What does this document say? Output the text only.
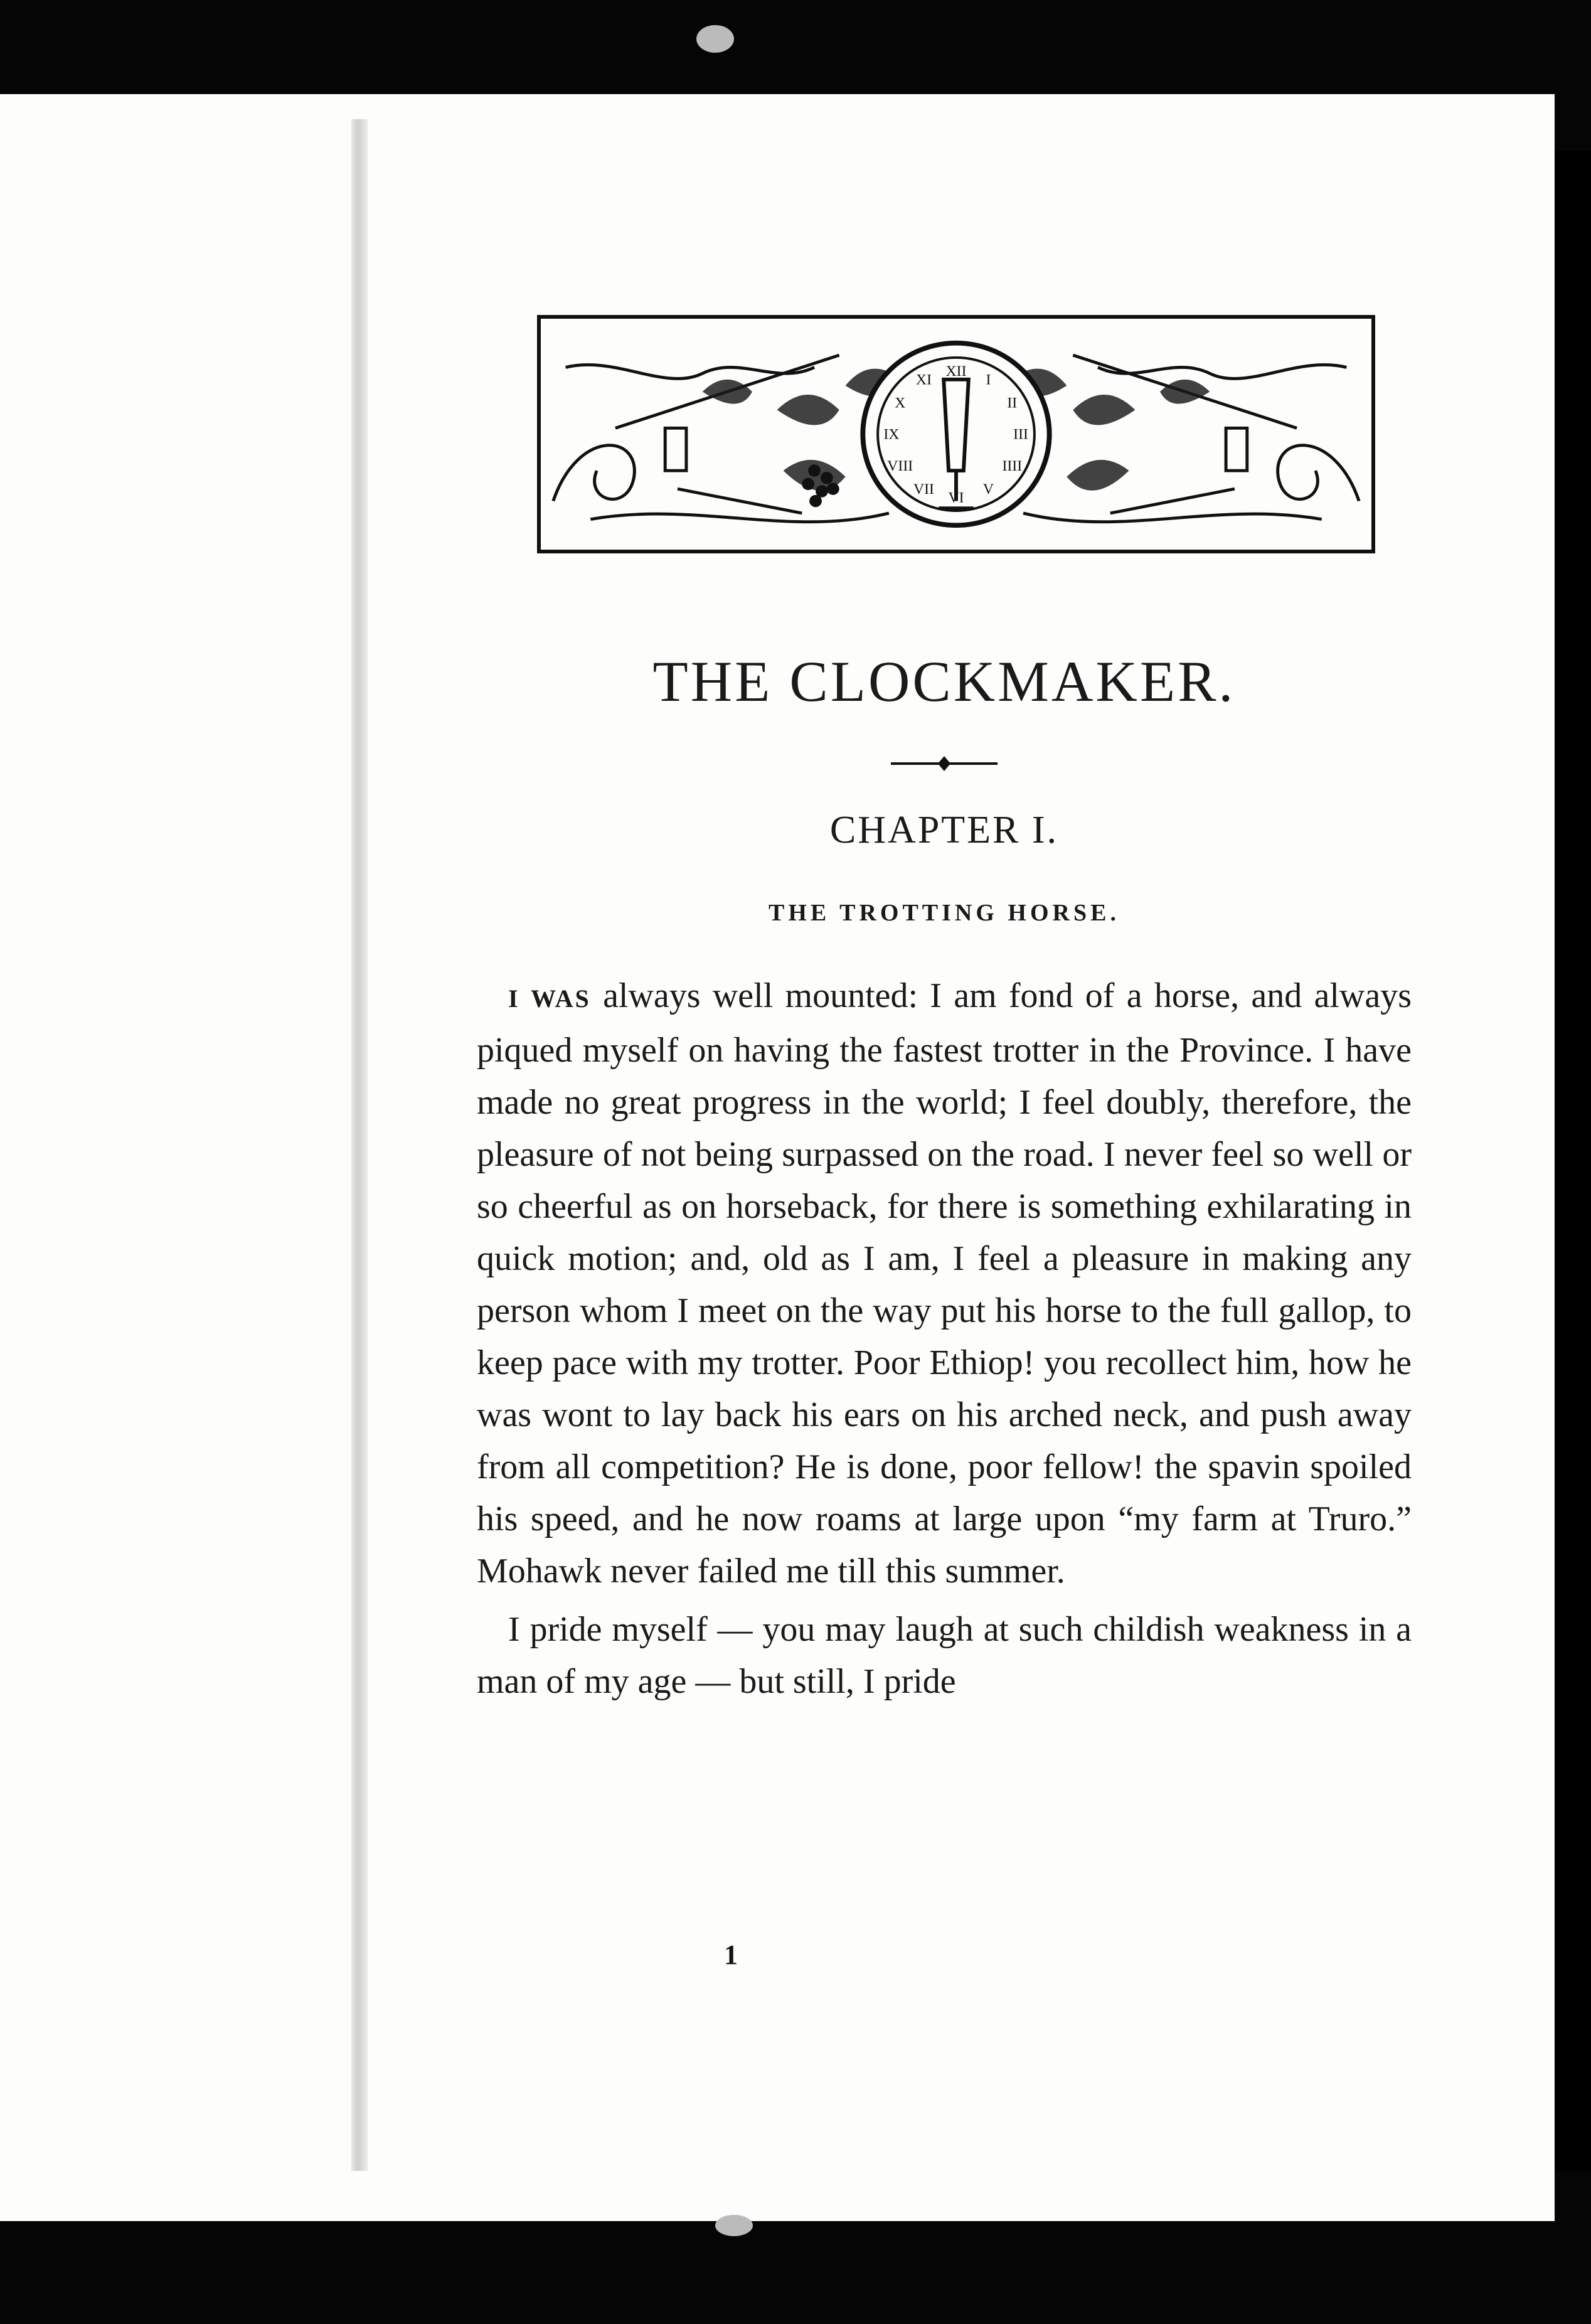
XII
I
II
III
IIII
V
VI
VII
VIII
IX
X
XI
THE CLOCKMAKER.
CHAPTER I.
THE TROTTING HORSE.

I WAS always well mounted: I am fond of a horse, and always piqued myself on having the fastest trotter in the Province. I have made no great progress in the world; I feel doubly, therefore, the pleasure of not being surpassed on the road. I never feel so well or so cheerful as on horseback, for there is something exhilarating in quick motion; and, old as I am, I feel a pleasure in making any person whom I meet on the way put his horse to the full gallop, to keep pace with my trotter. Poor Ethiop! you recollect him, how he was wont to lay back his ears on his arched neck, and push away from all competition? He is done, poor fellow! the spavin spoiled his speed, and he now roams at large upon “my farm at Truro.” Mohawk never failed me till this summer.

I pride myself — you may laugh at such childish weakness in a man of my age — but still, I pride

1
